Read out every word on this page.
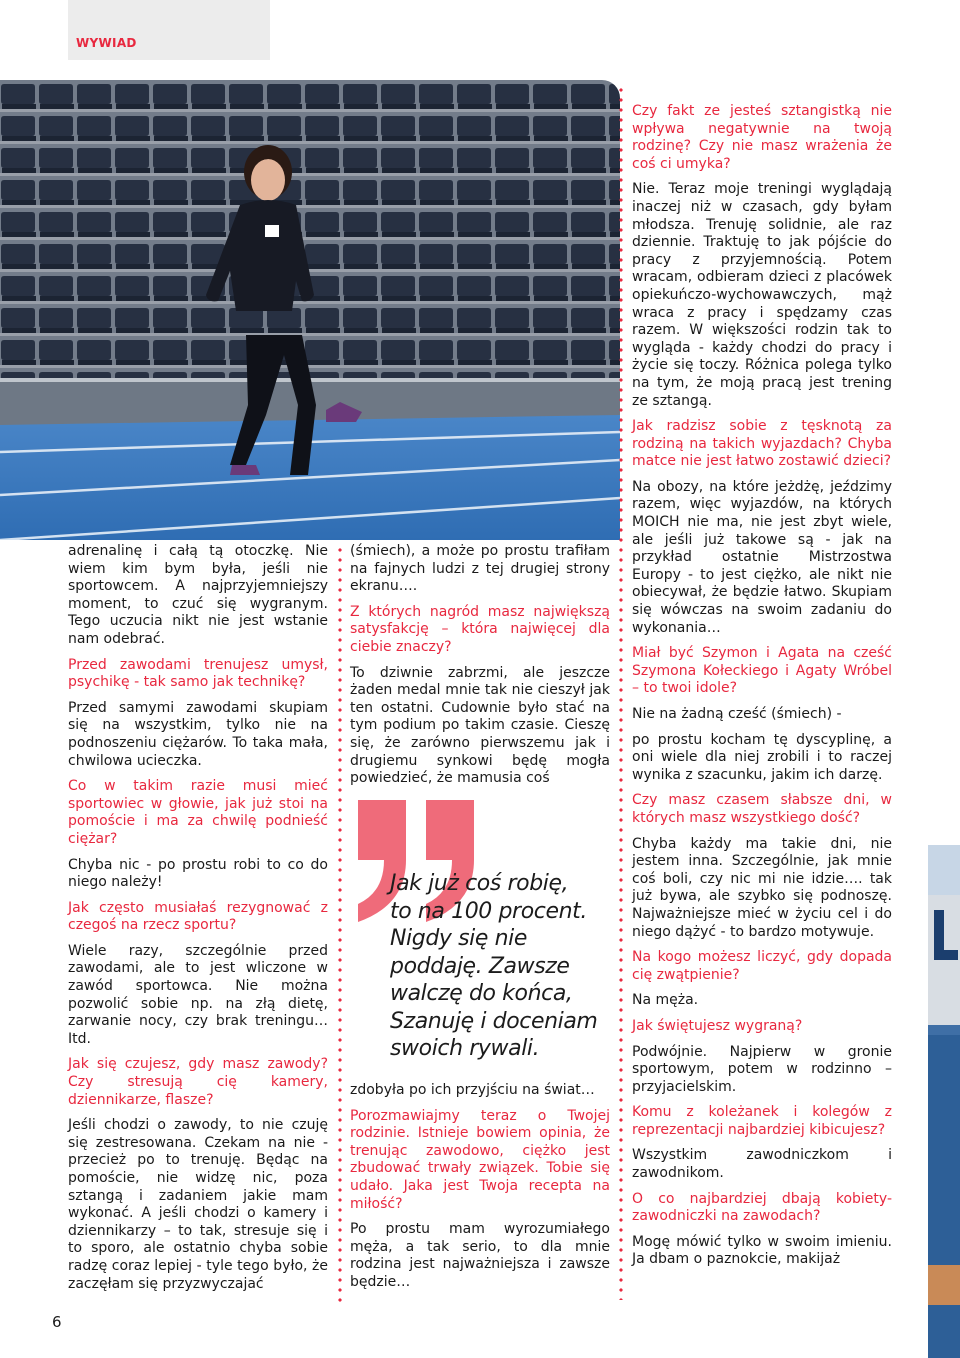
WYWIAD

adrenalinę i całą tą otoczkę. Nie wiem kim bym była, jeśli nie sportowcem. A najprzyjemniejszy moment, to czuć się wygranym. Tego uczucia nikt nie jest wstanie nam odebrać.

Przed zawodami trenujesz umysł, psychikę - tak samo jak technikę?

Przed samymi zawodami skupiam się na wszystkim, tylko nie na podnoszeniu ciężarów. To taka mała, chwilowa ucieczka.

Co w takim razie musi mieć sportowiec w głowie, jak już stoi na pomoście i ma za chwilę podnieść ciężar?

Chyba nic - po prostu robi to co do niego należy!

Jak często musiałaś rezygnować z czegoś na rzecz sportu?

Wiele razy, szczególnie przed zawodami, ale to jest wliczone w zawód sportowca. Nie można pozwolić sobie np. na złą dietę, zarwanie nocy, czy brak treningu… Itd.

Jak się czujesz, gdy masz zawody? Czy stresują cię kamery, dziennikarze, flasze?

Jeśli chodzi o zawody, to nie czuję się zestresowana. Czekam na nie - przecież po to trenuję. Będąc na pomoście, nie widzę nic, poza sztangą i zadaniem jakie mam wykonać. A jeśli chodzi o kamery i dziennikarzy – to tak, stresuje się i to sporo, ale ostatnio chyba sobie radzę coraz lepiej - tyle tego było, że zaczęłam się przyzwyczajać

(śmiech), a może po prostu trafiłam na fajnych ludzi z tej drugiej strony ekranu….

Z których nagród masz największą satysfakcję – która najwięcej dla ciebie znaczy?

To dziwnie zabrzmi, ale jeszcze żaden medal mnie tak nie cieszył jak ten ostatni. Cudownie było stać na tym podium po takim czasie. Cieszę się, że zarówno pierwszemu jak i drugiemu synkowi będę mogła powiedzieć, że mamusia coś

zdobyła po ich przyjściu na świat…

Porozmawiajmy teraz o Twojej rodzinie. Istnieje bowiem opinia, że trenując zawodowo, ciężko jest zbudować trwały związek. Tobie się udało. Jaka jest Twoja recepta na miłość?

Po prostu mam wyrozumiałego męża, a tak serio, to dla mnie rodzina jest najważniejsza i zawsze będzie…

Czy fakt ze jesteś sztangistką nie wpływa negatywnie na twoją rodzinę? Czy nie masz wrażenia że coś ci umyka?

Nie. Teraz moje treningi wyglądają inaczej niż w czasach, gdy byłam młodsza. Trenuję solidnie, ale raz dziennie. Traktuję to jak pójście do pracy z przyjemnością. Potem wracam, odbieram dzieci z placówek opiekuńczo-wychowawczych, mąż wraca z pracy i spędzamy czas razem. W większości rodzin tak to wygląda - każdy chodzi do pracy i życie się toczy. Różnica polega tylko na tym, że moją pracą jest trening ze sztangą.

Jak radzisz sobie z tęsknotą za rodziną na takich wyjazdach? Chyba matce nie jest łatwo zostawić dzieci?

Na obozy, na które jeżdżę, jeździmy razem, więc wyjazdów, na których MOICH nie ma, nie jest zbyt wiele, ale jeśli już takowe są - jak na przykład ostatnie Mistrzostwa Europy - to jest ciężko, ale nikt nie obiecywał, że będzie łatwo. Skupiam się wówczas na swoim zadaniu do wykonania…

Miał być Szymon i Agata na cześć Szymona Kołeckiego i Agaty Wróbel – to twoi idole?

Nie na żadną cześć (śmiech) -

po prostu kocham tę dyscyplinę, a oni wiele dla niej zrobili i to raczej wynika z szacunku, jakim ich darzę.

Czy masz czasem słabsze dni, w których masz wszystkiego dość?

Chyba każdy ma takie dni, nie jestem inna. Szczególnie, jak mnie coś boli, czy nic mi nie idzie…. tak już bywa, ale szybko się podnoszę. Najważniejsze mieć w życiu cel i do niego dążyć - to bardzo motywuje.

Na kogo możesz liczyć, gdy dopada cię zwątpienie?

Na męża.

Jak świętujesz wygraną?

Podwójnie. Najpierw w gronie sportowym, potem w rodzinno – przyjacielskim.

Komu z koleżanek i kolegów z reprezentacji najbardziej kibicujesz?

Wszystkim zawodniczkom i zawodnikom.

O co najbardziej dbają kobiety-zawodniczki na zawodach?

Mogę mówić tylko w swoim imieniu. Ja dbam o paznokcie, makijaż

Jak już coś robię,
to na 100 procent.
Nigdy się nie
poddaję. Zawsze
walczę do końca,
Szanuję i doceniam
swoich rywali.
6
